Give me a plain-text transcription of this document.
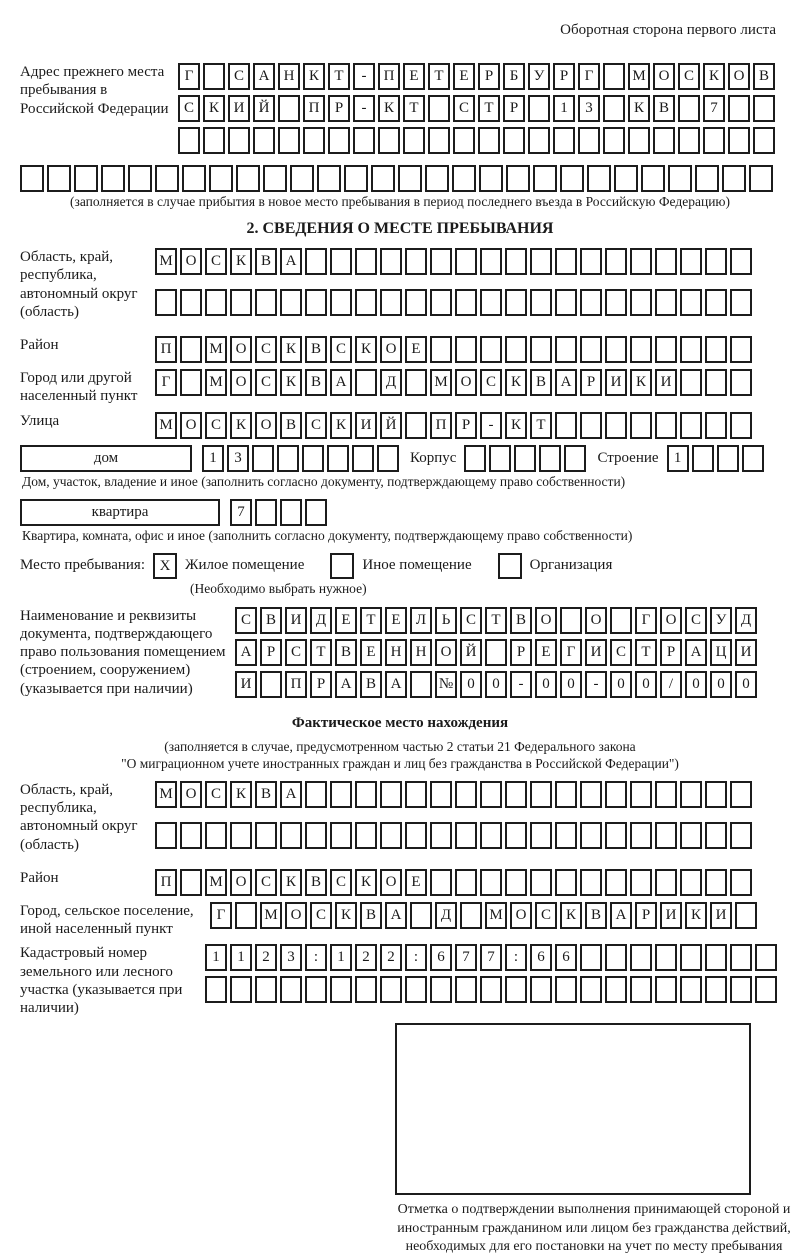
Оборотная сторона первого листа
Адрес прежнего места пребывания в Российской Федерации
Г	С А Н К Т - П Е Т Е Р Б У Р Г	М О С К О В
С К И Й	П Р - К Т	С Т Р	1 3	К В	7
(заполняется в случае прибытия в новое место пребывания в период последнего въезда в Российскую Федерацию)
2. СВЕДЕНИЯ О МЕСТЕ ПРЕБЫВАНИЯ
Область, край, республика, автономный округ (область)
М О С К В А
Район	П	М О С К В С К О Е
Город или другой населенный пункт
Г	М О С К В А	Д	М О С К В А Р И К И
Улица	М О С К О В С К И Й	П Р - К Т
дом	1 3	Корпус	Строение	1
Дом, участок, владение и иное (заполнить согласно документу, подтверждающему право собственности)
квартира	7
Квартира, комната, офис и иное (заполнить согласно документу, подтверждающему право собственности)
Место пребывания: X Жилое помещение	Иное помещение	Организация
(Необходимо выбрать нужное)
Наименование и реквизиты документа, подтверждающего право пользования помещением (строением, сооружением) (указывается при наличии)
С В И Д Е Т Е Л Ь С Т В О	О	Г О С У Д
А Р С Т В Е Н Н О Й	Р Е Г И С Т Р А Ц И
И	П Р А В А № 0 0 - 0 0 - 0 0 / 0 0 0
Фактическое место нахождения
(заполняется в случае, предусмотренном частью 2 статьи 21 Федерального закона
"О миграционном учете иностранных граждан и лиц без гражданства в Российской Федерации")
Область, край, республика, автономный округ (область)
М О С К В А
Район	П	М О С К В С К О Е
Город, сельское поселение, иной населенный пункт
Г	М О С К В А	Д	М О С К В А Р И К И
Кадастровый номер земельного или лесного участка (указывается при наличии)
1 1 2 3 : 1 2 2 : 6 7 7 : 6 6
Отметка о подтверждении выполнения принимающей стороной и иностранным гражданином или лицом без гражданства действий, необходимых для его постановки на учет по месту пребывания
